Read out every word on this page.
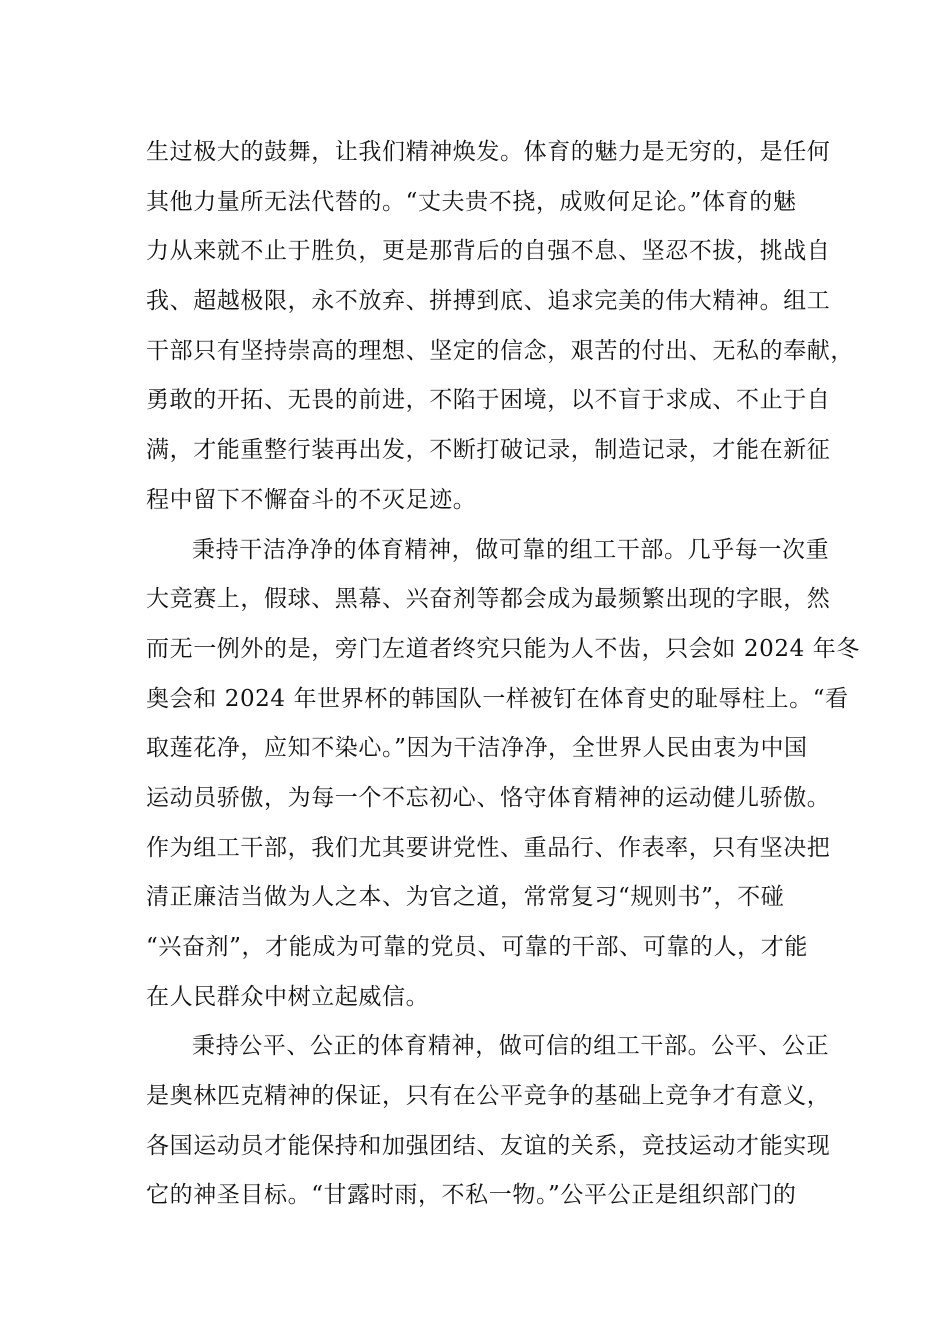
生过极大的鼓舞，让我们精神焕发。体育的魅力是无穷的，是任何
其他力量所无法代替的。“丈夫贵不挠，成败何足论。”体育的魅
力从来就不止于胜负，更是那背后的自强不息、坚忍不拔，挑战自
我、超越极限，永不放弃、拼搏到底、追求完美的伟大精神。组工
干部只有坚持崇高的理想、坚定的信念，艰苦的付出、无私的奉献，
勇敢的开拓、无畏的前进，不陷于困境，以不盲于求成、不止于自
满，才能重整行装再出发，不断打破记录，制造记录，才能在新征
程中留下不懈奋斗的不灭足迹。
秉持干洁净净的体育精神，做可靠的组工干部。几乎每一次重
大竞赛上，假球、黑幕、兴奋剂等都会成为最频繁出现的字眼，然
而无一例外的是，旁门左道者终究只能为人不齿，只会如 2024 年冬
奥会和 2024 年世界杯的韩国队一样被钉在体育史的耻辱柱上。“看
取莲花净，应知不染心。”因为干洁净净，全世界人民由衷为中国
运动员骄傲，为每一个不忘初心、恪守体育精神的运动健儿骄傲。
作为组工干部，我们尤其要讲党性、重品行、作表率，只有坚决把
清正廉洁当做为人之本、为官之道，常常复习“规则书”，不碰
“兴奋剂”，才能成为可靠的党员、可靠的干部、可靠的人，才能
在人民群众中树立起威信。
秉持公平、公正的体育精神，做可信的组工干部。公平、公正
是奥林匹克精神的保证，只有在公平竞争的基础上竞争才有意义，
各国运动员才能保持和加强团结、友谊的关系，竞技运动才能实现
它的神圣目标。“甘露时雨，不私一物。”公平公正是组织部门的
